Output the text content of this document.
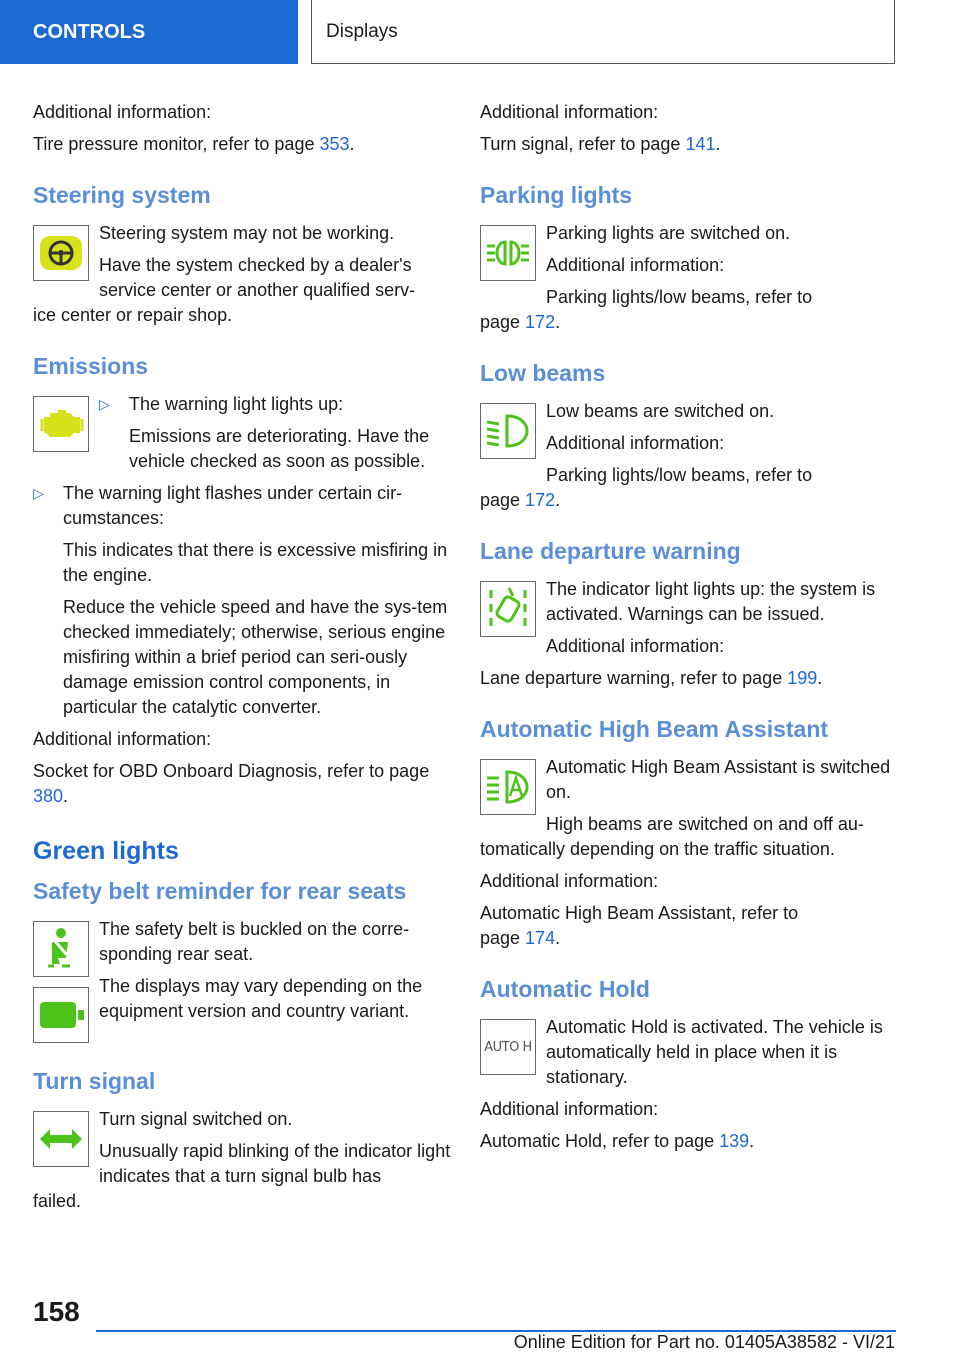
CONTROLS	Displays

Additional information:

Tire pressure monitor, refer to page 353.

Steering system

Steering system may not be working.

Have the system checked by a dealer's service center or another qualified serv-

ice center or repair shop.

Emissions

▷ The warning light lights up:

Emissions are deteriorating. Have the vehicle checked as soon as possible.

▷ The warning light flashes under certain cir-cumstances:

This indicates that there is excessive misfiring in the engine.

Reduce the vehicle speed and have the sys-tem checked immediately; otherwise, serious engine misfiring within a brief period can seri-ously damage emission control components, in particular the catalytic converter.

Additional information:

Socket for OBD Onboard Diagnosis, refer to page 380.

Green lights
Safety belt reminder for rear seats

The safety belt is buckled on the corre-sponding rear seat.

The displays may vary depending on the equipment version and country variant.

Turn signal

Turn signal switched on.

Unusually rapid blinking of the indicator light indicates that a turn signal bulb has

failed.

Additional information:

Turn signal, refer to page 141.

Parking lights

Parking lights are switched on.

Additional information:

Parking lights/low beams, refer to

page 172.

Low beams

Low beams are switched on.

Additional information:

Parking lights/low beams, refer to

page 172.

Lane departure warning

The indicator light lights up: the system is activated. Warnings can be issued.

Additional information:

Lane departure warning, refer to page 199.

Automatic High Beam Assistant

Automatic High Beam Assistant is switched on.

High beams are switched on and off au-

tomatically depending on the traffic situation.

Additional information:

Automatic High Beam Assistant, refer to

page 174.

Automatic Hold
AUTO H

Automatic Hold is activated. The vehicle is automatically held in place when it is stationary.

Additional information:

Automatic Hold, refer to page 139.

158
Online Edition for Part no. 01405A38582 - VI/21
